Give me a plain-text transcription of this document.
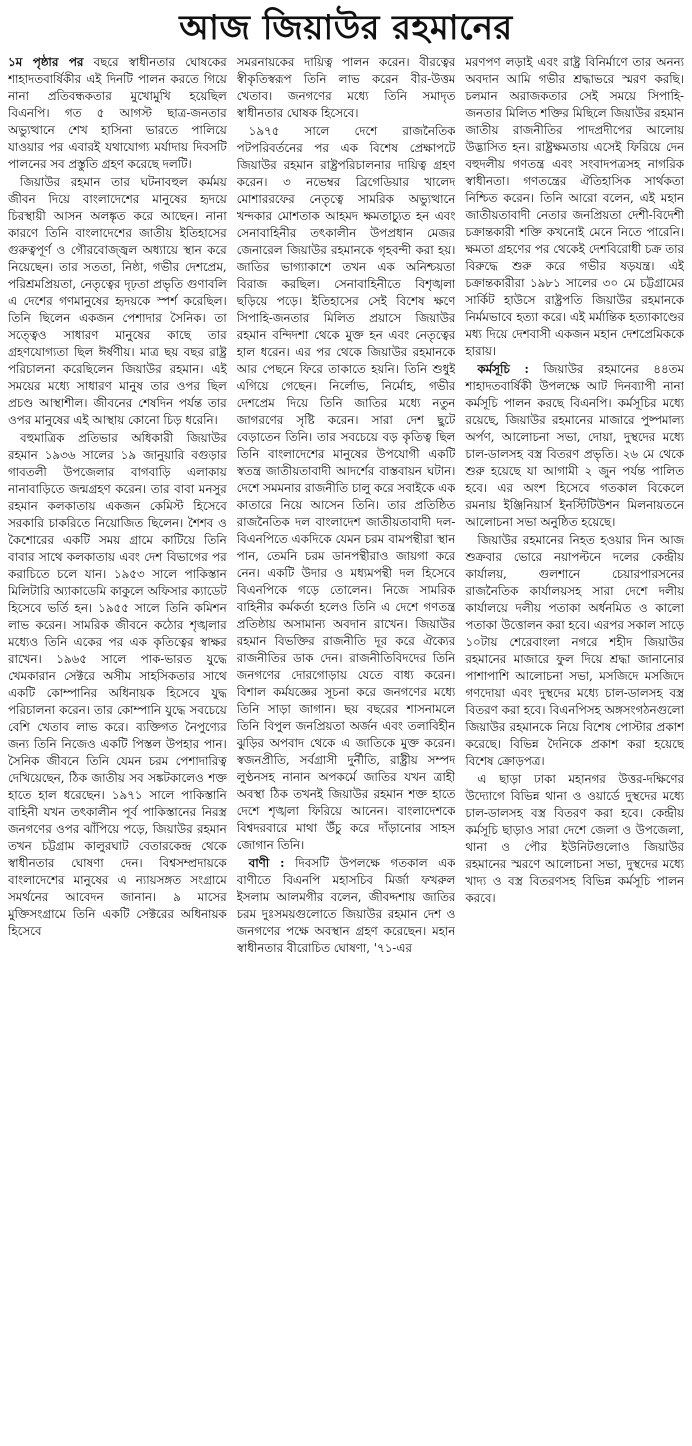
আজ জিয়াউর রহমানের

১ম পৃষ্ঠার পর বছরে স্বাধীনতার ঘোষকের শাহাদতবার্ষিকীর এই দিনটি পালন করতে গিয়ে নানা প্রতিবন্ধকতার মুখোমুখি হয়েছিল বিএনপি। গত ৫ আগস্ট ছাত্র-জনতার অভ্যুত্থানে শেখ হাসিনা ভারতে পালিয়ে যাওয়ার পর এবারই যথাযোগ্য মর্যাদায় দিবসটি পালনের সব প্রস্তুতি গ্রহণ করেছে দলটি।

জিয়াউর রহমান তার ঘটনাবহুল কর্মময় জীবন দিয়ে বাংলাদেশের মানুষের হৃদয়ে চিরস্থায়ী আসন অলঙ্কৃত করে আছেন। নানা কারণে তিনি বাংলাদেশের জাতীয় ইতিহাসের গুরুত্বপূর্ণ ও গৌরবোজ্জ্বল অধ্যায়ে স্থান করে নিয়েছেন। তার সততা, নিষ্ঠা, গভীর দেশপ্রেম, পরিশ্রমপ্রিয়তা, নেতৃত্বের দৃঢ়তা প্রভৃতি গুণাবলি এ দেশের গণমানুষের হৃদয়কে স্পর্শ করেছিল। তিনি ছিলেন একজন পেশাদার সৈনিক। তা সত্ত্বেও সাধারণ মানুষের কাছে তার গ্রহণযোগ্যতা ছিল ঈর্ষণীয়। মাত্র ছয় বছর রাষ্ট্র পরিচালনা করেছিলেন জিয়াউর রহমান। এই সময়ের মধ্যে সাধারণ মানুষ তার ওপর ছিল প্রচণ্ড আস্থাশীল। জীবনের শেষদিন পর্যন্ত তার ওপর মানুষের এই আস্থায় কোনো চিড় ধরেনি।

বহুমাত্রিক প্রতিভার অধিকারী জিয়াউর রহমান ১৯৩৬ সালের ১৯ জানুয়ারি বগুড়ার গাবতলী উপজেলার বাগবাড়ি এলাকায় নানাবাড়িতে জন্মগ্রহণ করেন। তার বাবা মনসুর রহমান কলকাতায় একজন কেমিস্ট হিসেবে সরকারি চাকরিতে নিয়োজিত ছিলেন। শৈশব ও কৈশোরের একটি সময় গ্রামে কাটিয়ে তিনি বাবার সাথে কলকাতায় এবং দেশ বিভাগের পর করাচিতে চলে যান। ১৯৫৩ সালে পাকিস্তান মিলিটারি অ্যাকাডেমি কাকুলে অফিসার ক্যাডেট হিসেবে ভর্তি হন। ১৯৫৫ সালে তিনি কমিশন লাভ করেন। সামরিক জীবনে কঠোর শৃঙ্খলার মধ্যেও তিনি একের পর এক কৃতিত্বের স্বাক্ষর রাখেন। ১৯৬৫ সালে পাক-ভারত যুদ্ধে খেমকারান সেক্টরে অসীম সাহসিকতার সাথে একটি কোম্পানির অধিনায়ক হিসেবে যুদ্ধ পরিচালনা করেন। তার কোম্পানি যুদ্ধে সবচেয়ে বেশি খেতাব লাভ করে। ব্যক্তিগত নৈপুণ্যের জন্য তিনি নিজেও একটি পিস্তল উপহার পান। সৈনিক জীবনে তিনি যেমন চরম পেশাদারিত্ব দেখিয়েছেন, ঠিক জাতীয় সব সঙ্কটকালেও শক্ত হাতে হাল ধরেছেন। ১৯৭১ সালে পাকিস্তানি বাহিনী যখন তৎকালীন পূর্ব পাকিস্তানের নিরস্ত্র জনগণের ওপর ঝাঁপিয়ে পড়ে, জিয়াউর রহমান তখন চট্টগ্রাম কালুরঘাট বেতারকেন্দ্র থেকে স্বাধীনতার ঘোষণা দেন। বিশ্বসম্প্রদায়কে বাংলাদেশের মানুষের এ ন্যায়সঙ্গত সংগ্রামে সমর্থনের আবেদন জানান। ৯ মাসের মুক্তিসংগ্রামে তিনি একটি সেক্টরের অধিনায়ক হিসেবে

সমরনায়কের দায়িত্ব পালন করেন। বীরত্বের স্বীকৃতিস্বরূপ তিনি লাভ করেন বীর-উত্তম খেতাব। জনগণের মধ্যে তিনি সমাদৃত স্বাধীনতার ঘোষক হিসেবে।

১৯৭৫ সালে দেশে রাজনৈতিক পটপরিবর্তনের পর এক বিশেষ প্রেক্ষাপটে জিয়াউর রহমান রাষ্ট্রপরিচালনার দায়িত্ব গ্রহণ করেন। ৩ নভেম্বর ব্রিগেডিয়ার খালেদ মোশাররফের নেতৃত্বে সামরিক অভ্যুত্থানে খন্দকার মোশতাক আহমদ ক্ষমতাচ্যুত হন এবং সেনাবাহিনীর তৎকালীন উপপ্রধান মেজর জেনারেল জিয়াউর রহমানকে গৃহবন্দী করা হয়। জাতির ভাগ্যাকাশে তখন এক অনিশ্চয়তা বিরাজ করছিল। সেনাবাহিনীতে বিশৃঙ্খলা ছড়িয়ে পড়ে। ইতিহাসের সেই বিশেষ ক্ষণে সিপাহি-জনতার মিলিত প্রয়াসে জিয়াউর রহমান বন্দিদশা থেকে মুক্ত হন এবং নেতৃত্বের হাল ধরেন। এর পর থেকে জিয়াউর রহমানকে আর পেছনে ফিরে তাকাতে হয়নি। তিনি শুধুই এগিয়ে গেছেন। নির্লোভ, নির্মোহ, গভীর দেশপ্রেম দিয়ে তিনি জাতির মধ্যে নতুন জাগরণের সৃষ্টি করেন। সারা দেশ ছুটে বেড়াতেন তিনি। তার সবচেয়ে বড় কৃতিত্ব ছিল তিনি বাংলাদেশের মানুষের উপযোগী একটি স্বতন্ত্র জাতীয়তাবাদী আদর্শের বাস্তবায়ন ঘটান। দেশে সমমনার রাজনীতি চালু করে সবাইকে এক কাতারে নিয়ে আসেন তিনি। তার প্রতিষ্ঠিত রাজনৈতিক দল বাংলাদেশ জাতীয়তাবাদী দল-বিএনপিতে একদিকে যেমন চরম বামপন্থীরা স্থান পান, তেমনি চরম ডানপন্থীরাও জায়গা করে নেন। একটি উদার ও মধ্যমপন্থী দল হিসেবে বিএনপিকে গড়ে তোলেন। নিজে সামরিক বাহিনীর কর্মকর্তা হলেও তিনি এ দেশে গণতন্ত্র প্রতিষ্ঠায় অসামান্য অবদান রাখেন। জিয়াউর রহমান বিভক্তির রাজনীতি দূর করে ঐক্যের রাজনীতির ডাক দেন। রাজনীতিবিদদের তিনি জনগণের দোরগোড়ায় যেতে বাধ্য করেন। বিশাল কর্মযজ্ঞের সূচনা করে জনগণের মধ্যে তিনি সাড়া জাগান। ছয় বছরের শাসনামলে তিনি বিপুল জনপ্রিয়তা অর্জন এবং তলাবিহীন ঝুড়ির অপবাদ থেকে এ জাতিকে মুক্ত করেন। স্বজনপ্রীতি, সর্বগ্রাসী দুর্নীতি, রাষ্ট্রীয় সম্পদ লুণ্ঠনসহ নানান অপকর্মে জাতির যখন ত্রাহী অবস্থা ঠিক তখনই জিয়াউর রহমান শক্ত হাতে দেশে শৃঙ্খলা ফিরিয়ে আনেন। বাংলাদেশকে বিশ্বদরবারে মাথা উঁচু করে দাঁড়ানোর সাহস জোগান তিনি।

বাণী : দিবসটি উপলক্ষে গতকাল এক বাণীতে বিএনপি মহাসচিব মির্জা ফখরুল ইসলাম আলমগীর বলেন, জীবদ্দশায় জাতির চরম দুঃসময়গুলোতে জিয়াউর রহমান দেশ ও জনগণের পক্ষে অবস্থান গ্রহণ করেছেন। মহান স্বাধীনতার বীরোচিত ঘোষণা, '৭১-এর

মরণপণ লড়াই এবং রাষ্ট্র বিনির্মাণে তার অনন্য অবদান আমি গভীর শ্রদ্ধাভরে স্মরণ করছি। চলমান অরাজকতার সেই সময়ে সিপাহি-জনতার মিলিত শক্তির মিছিলে জিয়াউর রহমান জাতীয় রাজনীতির পাদপ্রদীপের আলোয় উদ্ভাসিত হন। রাষ্ট্রক্ষমতায় এসেই ফিরিয়ে দেন বহুদলীয় গণতন্ত্র এবং সংবাদপত্রসহ নাগরিক স্বাধীনতা। গণতন্ত্রের ঐতিহাসিক সার্থকতা নিশ্চিত করেন। তিনি আরো বলেন, এই মহান জাতীয়তাবাদী নেতার জনপ্রিয়তা দেশী-বিদেশী চক্রান্তকারী শক্তি কখনোই মেনে নিতে পারেনি। ক্ষমতা গ্রহণের পর থেকেই দেশবিরোধী চক্র তার বিরুদ্ধে শুরু করে গভীর ষড়যন্ত্র। এই চক্রান্তকারীরা ১৯৮১ সালের ৩০ মে চট্টগ্রামের সার্কিট হাউসে রাষ্ট্রপতি জিয়াউর রহমানকে নির্মমভাবে হত্যা করে। এই মর্মান্তিক হত্যাকাণ্ডের মধ্য দিয়ে দেশবাসী একজন মহান দেশপ্রেমিককে হারায়।

কর্মসূচি : জিয়াউর রহমানের ৪৪তম শাহাদতবার্ষিকী উপলক্ষে আট দিনব্যাপী নানা কর্মসূচি পালন করছে বিএনপি। কর্মসূচির মধ্যে রয়েছে, জিয়াউর রহমানের মাজারে পুষ্পমাল্য অর্পণ, আলোচনা সভা, দোয়া, দুস্থদের মধ্যে চাল-ডালসহ বস্ত্র বিতরণ প্রভৃতি। ২৬ মে থেকে শুরু হয়েছে যা আগামী ২ জুন পর্যন্ত পালিত হবে। এর অংশ হিসেবে গতকাল বিকেলে রমনায় ইঞ্জিনিয়ার্স ইনস্টিটিউশন মিলনায়তনে আলোচনা সভা অনুষ্ঠিত হয়েছে।

জিয়াউর রহমানের নিহত হওয়ার দিন আজ শুক্রবার ভোরে নয়াপল্টনে দলের কেন্দ্রীয় কার্যালয়, গুলশানে চেয়ারপারসনের রাজনৈতিক কার্যালয়সহ সারা দেশে দলীয় কার্যালয়ে দলীয় পতাকা অর্ধনমিত ও কালো পতাকা উত্তোলন করা হবে। এরপর সকাল সাড়ে ১০টায় শেরেবাংলা নগরে শহীদ জিয়াউর রহমানের মাজারে ফুল দিয়ে শ্রদ্ধা জানানোর পাশাপাশি আলোচনা সভা, মসজিদে মসজিদে গণদোয়া এবং দুস্থদের মধ্যে চাল-ডালসহ বস্ত্র বিতরণ করা হবে। বিএনপিসহ অঙ্গসংগঠনগুলো জিয়াউর রহমানকে নিয়ে বিশেষ পোস্টার প্রকাশ করেছে। বিভিন্ন দৈনিকে প্রকাশ করা হয়েছে বিশেষ ক্রোড়পত্র।

এ ছাড়া ঢাকা মহানগর উত্তর-দক্ষিণের উদ্যোগে বিভিন্ন থানা ও ওয়ার্ডে দুস্থদের মধ্যে চাল-ডালসহ বস্ত্র বিতরণ করা হবে। কেন্দ্রীয় কর্মসূচি ছাড়াও সারা দেশে জেলা ও উপজেলা, থানা ও পৌর ইউনিটগুলোও জিয়াউর রহমানের স্মরণে আলোচনা সভা, দুস্থদের মধ্যে খাদ্য ও বস্ত্র বিতরণসহ বিভিন্ন কর্মসূচি পালন করবে।
